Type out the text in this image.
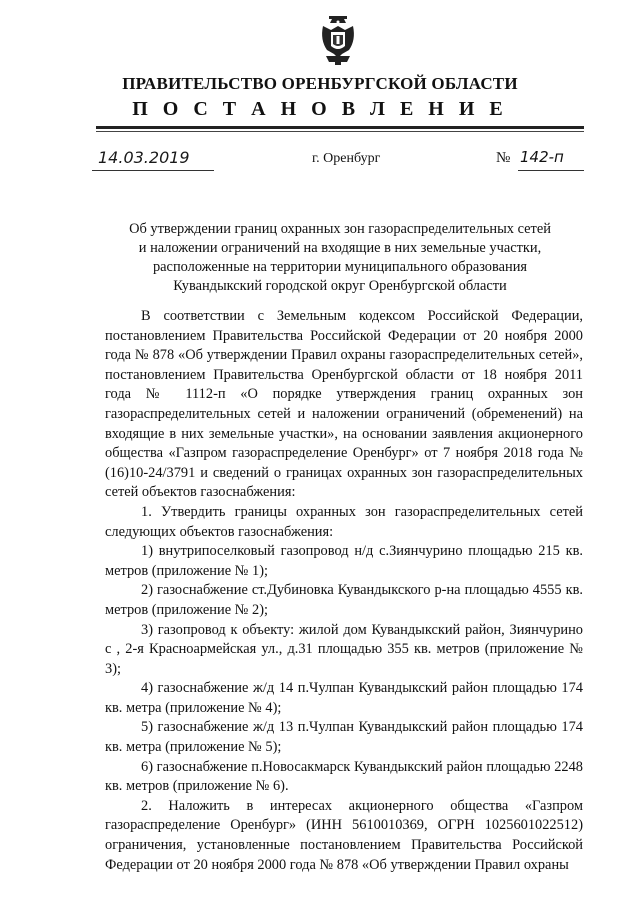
ПРАВИТЕЛЬСТВО ОРЕНБУРГСКОЙ ОБЛАСТИ
П О С Т А Н О В Л Е Н И Е
14.03.2019	г. Оренбург	№ 142-п
Об утверждении границ охранных зон газораспределительных сетей
и наложении ограничений на входящие в них земельные участки,
расположенные на территории муниципального образования
Кувандыкский городской округ Оренбургской области

В соответствии с Земельным кодексом Российской Федерации, постановлением Правительства Российской Федерации от 20 ноября 2000 года № 878 «Об утверждении Правил охраны газораспределительных сетей», постановлением Правительства Оренбургской области от 18 ноября 2011 года № 1112-п «О порядке утверждения границ охранных зон газораспределительных сетей и наложении ограничений (обременений) на входящие в них земельные участки», на основании заявления акционерного общества «Газпром газораспределение Оренбург» от 7 ноября 2018 года № (16)10-24/3791 и сведений о границах охранных зон газораспределительных сетей объектов газоснабжения:

1. Утвердить границы охранных зон газораспределительных сетей следующих объектов газоснабжения:

1) внутрипоселковый газопровод н/д с.Зиянчурино площадью 215 кв. метров (приложение № 1);

2) газоснабжение ст.Дубиновка Кувандыкского р-на площадью 4555 кв. метров (приложение № 2);

3) газопровод к объекту: жилой дом Кувандыкский район, Зиянчурино с , 2-я Красноармейская ул., д.31 площадью 355 кв. метров (приложение № 3);

4) газоснабжение ж/д 14 п.Чулпан Кувандыкский район площадью 174 кв. метра (приложение № 4);

5) газоснабжение ж/д 13 п.Чулпан Кувандыкский район площадью 174 кв. метра (приложение № 5);

6) газоснабжение п.Новосакмарск Кувандыкский район площадью 2248 кв. метров (приложение № 6).

2. Наложить в интересах акционерного общества «Газпром газораспределение Оренбург» (ИНН 5610010369, ОГРН 1025601022512) ограничения, установленные постановлением Правительства Российской Федерации от 20 ноября 2000 года № 878 «Об утверждении Правил охраны
